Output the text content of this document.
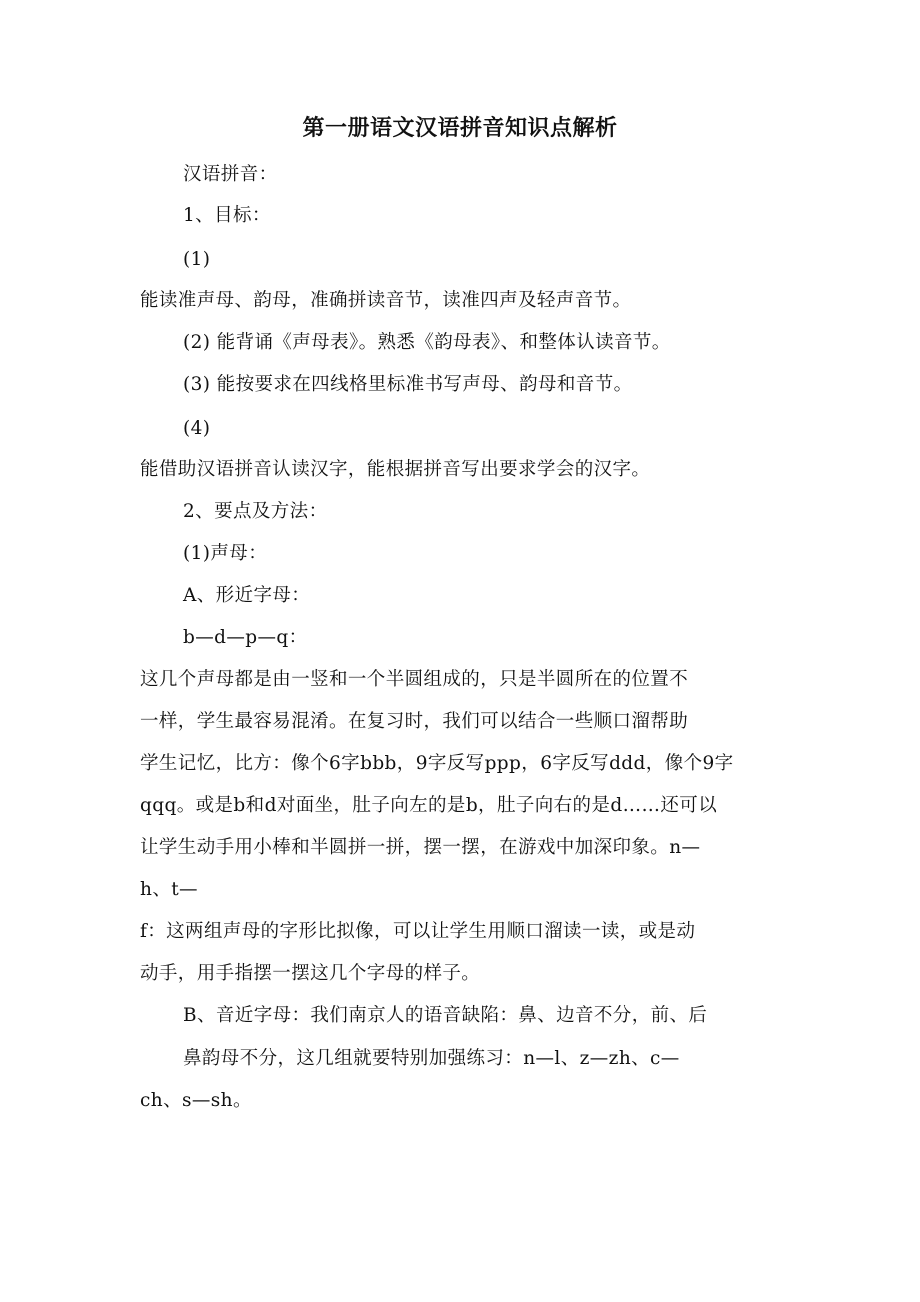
第一册语文汉语拼音知识点解析
汉语拼音：
1、目标：
(1)
能读准声母、韵母，准确拼读音节，读准四声及轻声音节。
(2) 能背诵《声母表》。熟悉《韵母表》、和整体认读音节。
(3) 能按要求在四线格里标准书写声母、韵母和音节。
(4)
能借助汉语拼音认读汉字，能根据拼音写出要求学会的汉字。
2、要点及方法：
(1)声母：
A、形近字母：
b—d—p—q：
这几个声母都是由一竖和一个半圆组成的，只是半圆所在的位置不
一样，学生最容易混淆。在复习时，我们可以结合一些顺口溜帮助
学生记忆，比方：像个6字bbb，9字反写ppp，6字反写ddd，像个9字
qqq。或是b和d对面坐，肚子向左的是b，肚子向右的是d……还可以
让学生动手用小棒和半圆拼一拼，摆一摆，在游戏中加深印象。n—
h、t—
f：这两组声母的字形比拟像，可以让学生用顺口溜读一读，或是动
动手，用手指摆一摆这几个字母的样子。
B、音近字母：我们南京人的语音缺陷：鼻、边音不分，前、后
鼻韵母不分，这几组就要特别加强练习：n—l、z—zh、c—
ch、s—sh。
